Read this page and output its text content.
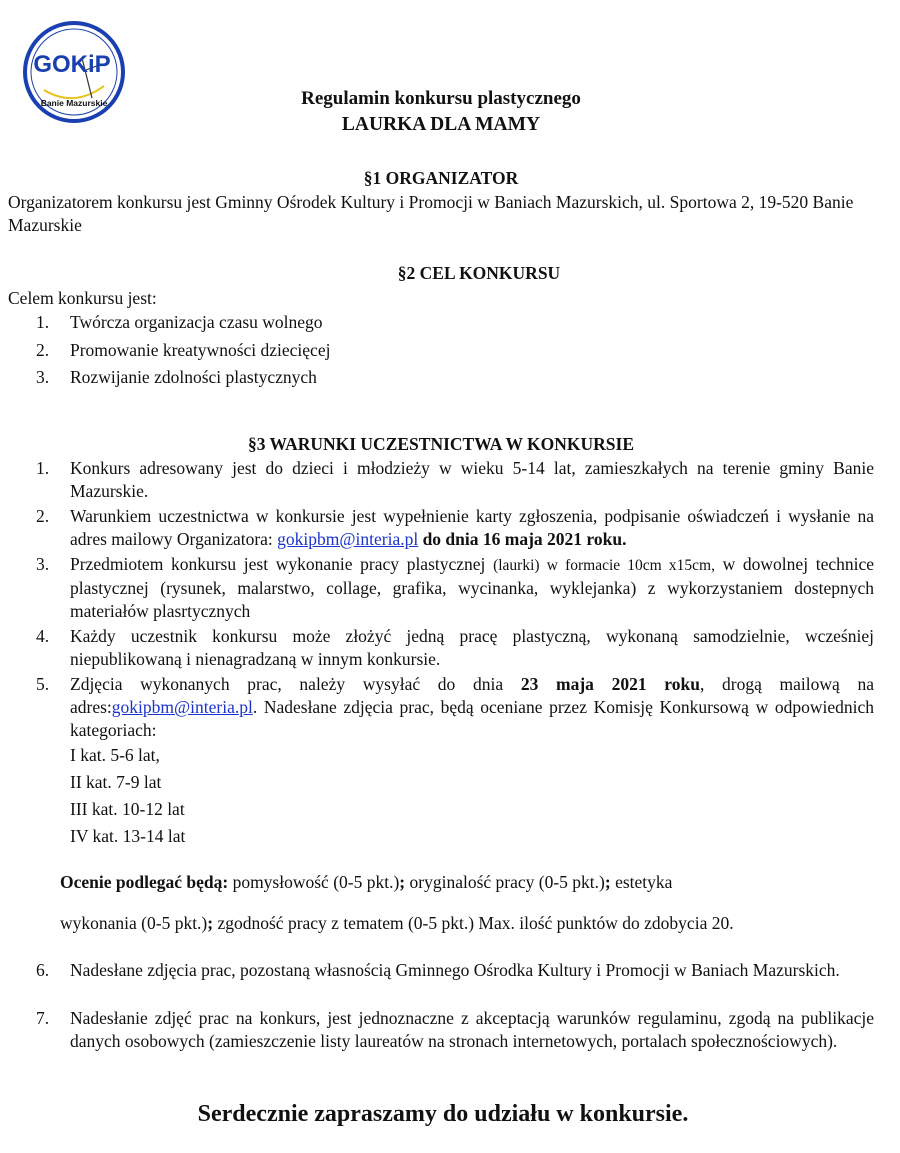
GOKiP
Banie Mazurskie	Regulamin konkursu plastycznego
LAURKA DLA MAMY
§1 ORGANIZATOR
Organizatorem konkursu jest Gminny Ośrodek Kultury i Promocji w Baniach Mazurskich, ul. Sportowa 2, 19-520 Banie Mazurskie
§2 CEL KONKURSU
Celem konkursu jest:
1.	Twórcza organizacja czasu wolnego
2.	Promowanie kreatywności dziecięcej
3.	Rozwijanie zdolności plastycznych
§3 WARUNKI UCZESTNICTWA W KONKURSIE
1.	Konkurs adresowany jest do dzieci i młodzieży w wieku 5-14 lat, zamieszkałych na terenie gminy Banie Mazurskie.
2.	Warunkiem uczestnictwa w konkursie jest wypełnienie karty zgłoszenia, podpisanie oświadczeń i wysłanie na adres mailowy Organizatora: gokipbm@interia.pl do dnia 16 maja 2021 roku.
3.	Przedmiotem konkursu jest wykonanie pracy plastycznej (laurki) w formacie 10cm x15cm, w dowolnej technice plastycznej (rysunek, malarstwo, collage, grafika, wycinanka, wyklejanka) z wykorzystaniem dostepnych materiałów plasrtycznych
4.	Każdy uczestnik konkursu może złożyć jedną pracę plastyczną, wykonaną samodzielnie, wcześniej niepublikowaną i nienagradzaną w innym konkursie.
5.	Zdjęcia wykonanych prac, należy wysyłać do dnia 23 maja 2021 roku, drogą mailową na adres:gokipbm@interia.pl. Nadesłane zdjęcia prac, będą oceniane przez Komisję Konkursową w odpowiednich kategoriach:
I kat. 5-6 lat,
II kat. 7-9 lat
III kat. 10-12 lat
IV kat. 13-14 lat
Ocenie podlegać będą: pomysłowość (0-5 pkt.); oryginalość pracy (0-5 pkt.); estetyka
wykonania (0-5 pkt.); zgodność pracy z tematem (0-5 pkt.) Max. ilość punktów do zdobycia 20.
6.	Nadesłane zdjęcia prac, pozostaną własnością Gminnego Ośrodka Kultury i Promocji w Baniach Mazurskich.
7.	Nadesłanie zdjęć prac na konkurs, jest jednoznaczne z akceptacją warunków regulaminu, zgodą na publikacje danych osobowych (zamieszczenie listy laureatów na stronach internetowych, portalach społecznościowych).
Serdecznie zapraszamy do udziału w konkursie.
